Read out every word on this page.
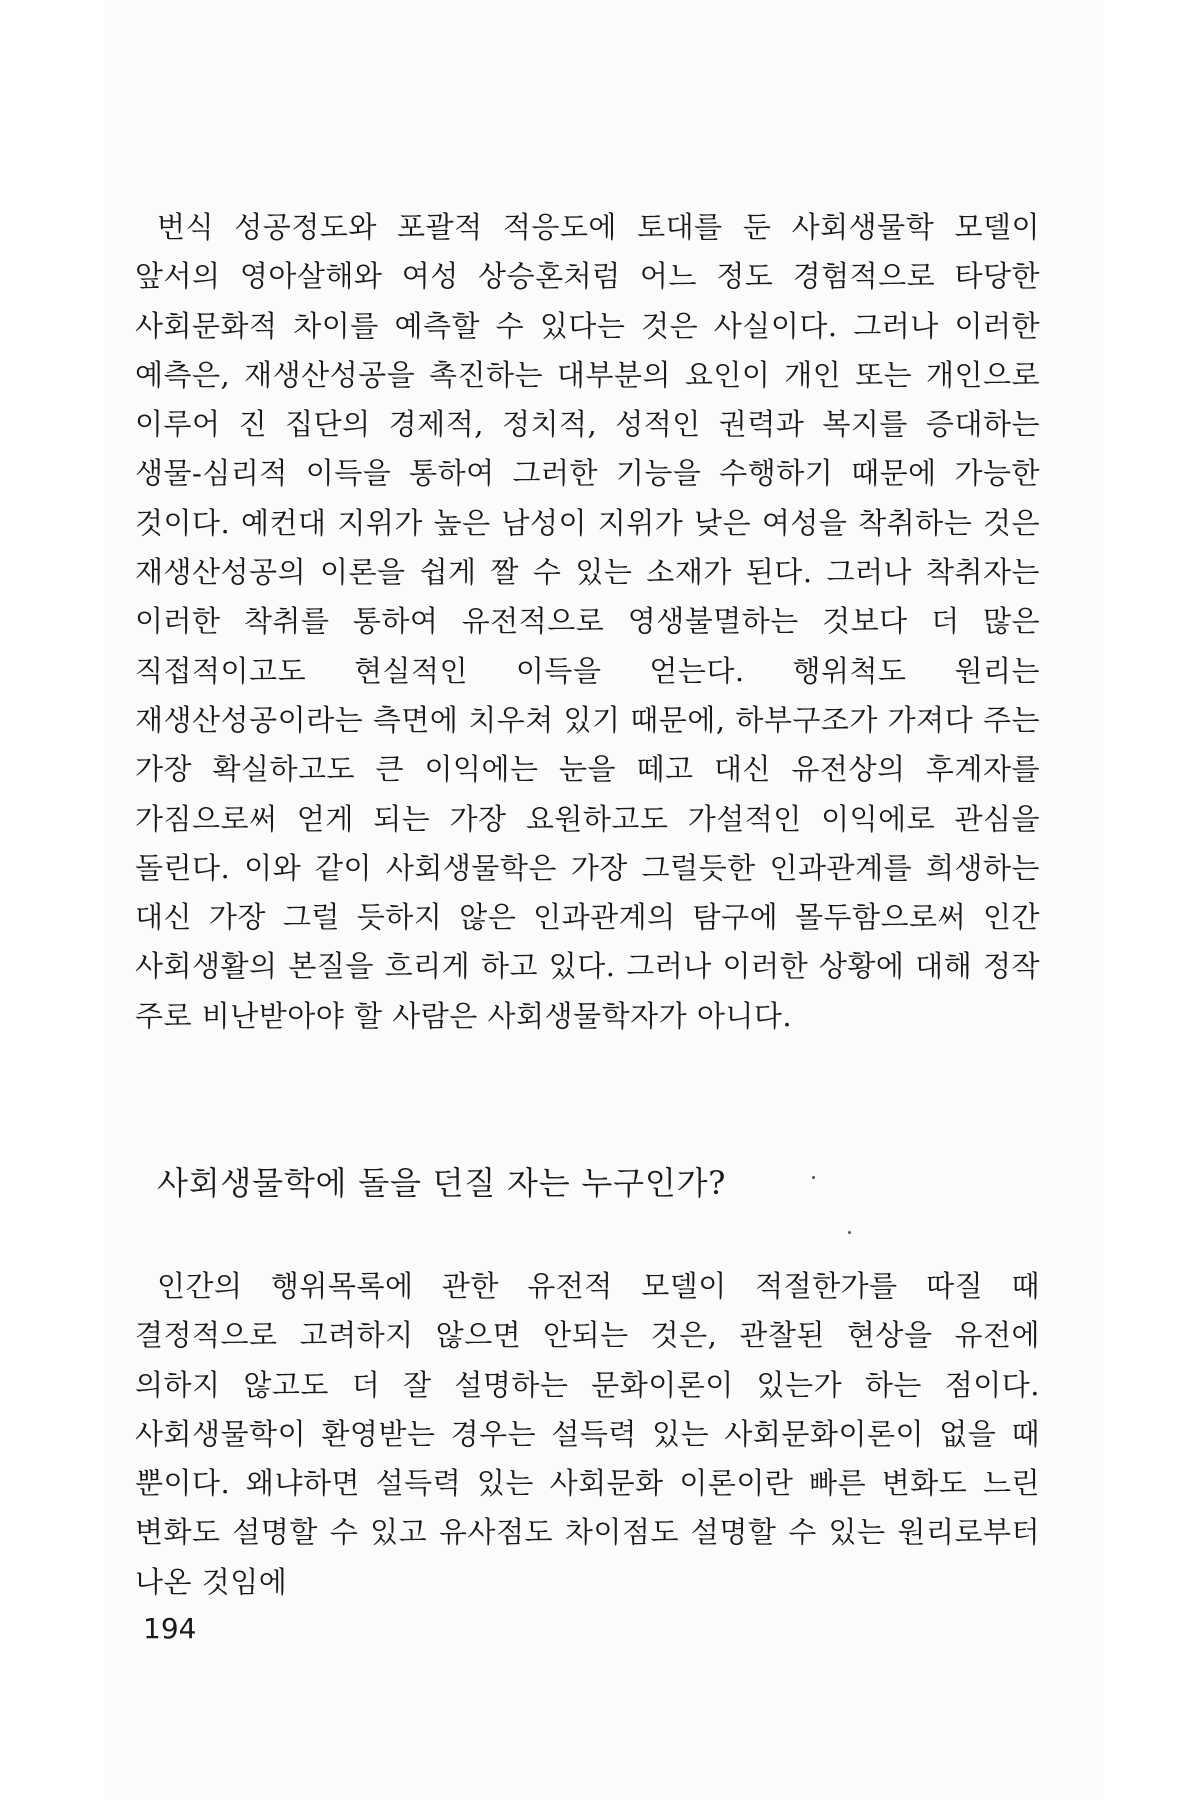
번식 성공정도와 포괄적 적응도에 토대를 둔 사회생물학 모델이 앞서의 영아살해와 여성 상승혼처럼 어느 정도 경험적으로 타당한 사회문화적 차이를 예측할 수 있다는 것은 사실이다. 그러나 이러한 예측은, 재생산성공을 촉진하는 대부분의 요인이 개인 또는 개인으로 이루어 진 집단의 경제적, 정치적, 성적인 권력과 복지를 증대하는 생물-심리적 이득을 통하여 그러한 기능을 수행하기 때문에 가능한 것이다. 예컨대 지위가 높은 남성이 지위가 낮은 여성을 착취하는 것은 재생산성공의 이론을 쉽게 짤 수 있는 소재가 된다. 그러나 착취자는 이러한 착취를 통하여 유전적으로 영생불멸하는 것보다 더 많은 직접적이고도 현실적인 이득을 얻는다. 행위척도 원리는 재생산성공이라는 측면에 치우쳐 있기 때문에, 하부구조가 가져다 주는 가장 확실하고도 큰 이익에는 눈을 떼고 대신 유전상의 후계자를 가짐으로써 얻게 되는 가장 요원하고도 가설적인 이익에로 관심을 돌린다. 이와 같이 사회생물학은 가장 그럴듯한 인과관계를 희생하는 대신 가장 그럴 듯하지 않은 인과관계의 탐구에 몰두함으로써 인간 사회생활의 본질을 흐리게 하고 있다. 그러나 이러한 상황에 대해 정작 주로 비난받아야 할 사람은 사회생물학자가 아니다.

사회생물학에 돌을 던질 자는 누구인가?

인간의 행위목록에 관한 유전적 모델이 적절한가를 따질 때 결정적으로 고려하지 않으면 안되는 것은, 관찰된 현상을 유전에 의하지 않고도 더 잘 설명하는 문화이론이 있는가 하는 점이다. 사회생물학이 환영받는 경우는 설득력 있는 사회문화이론이 없을 때 뿐이다. 왜냐하면 설득력 있는 사회문화 이론이란 빠른 변화도 느린 변화도 설명할 수 있고 유사점도 차이점도 설명할 수 있는 원리로부터 나온 것임에

194
